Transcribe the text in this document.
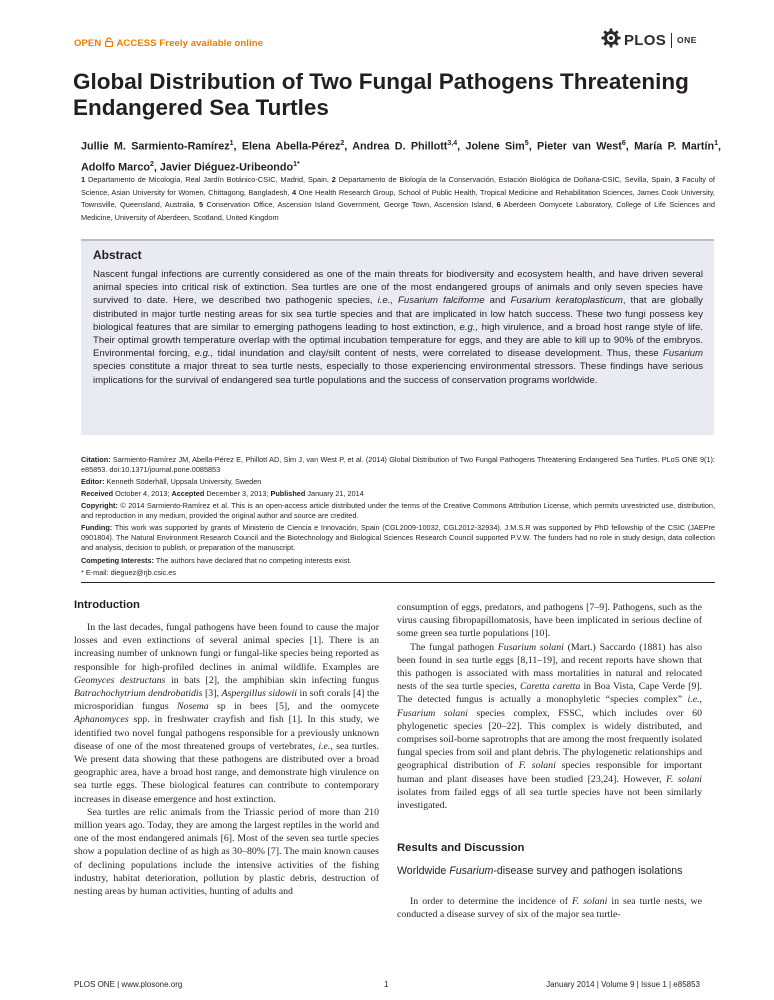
OPEN ACCESS Freely available online	PLOS ONE
Global Distribution of Two Fungal Pathogens Threatening Endangered Sea Turtles
Jullie M. Sarmiento-Ramírez$^1$, Elena Abella-Pérez$^2$, Andrea D. Phillott$^{3,4}$, Jolene Sim$^5$, Pieter van West$^6$, María P. Martín$^1$, Adolfo Marco$^2$, Javier Diéguez-Uribeondo$^{1*}$
1 Departamento de Micología, Real Jardín Botánico-CSIC, Madrid, Spain, 2 Departamento de Biología de la Conservación, Estación Biológica de Doñana-CSIC, Sevilla, Spain, 3 Faculty of Science, Asian University for Women, Chittagong, Bangladesh, 4 One Health Research Group, School of Public Health, Tropical Medicine and Rehabilitation Sciences, James Cook University, Townsville, Queensland, Australia, 5 Conservation Office, Ascension Island Government, George Town, Ascension Island, 6 Aberdeen Oomycete Laboratory, College of Life Sciences and Medicine, University of Aberdeen, Scotland, United Kingdom
Abstract
Nascent fungal infections are currently considered as one of the main threats for biodiversity and ecosystem health, and have driven several animal species into critical risk of extinction. Sea turtles are one of the most endangered groups of animals and only seven species have survived to date. Here, we described two pathogenic species, i.e., Fusarium falciforme and Fusarium keratoplasticum, that are globally distributed in major turtle nesting areas for six sea turtle species and that are implicated in low hatch success. These two fungi possess key biological features that are similar to emerging pathogens leading to host extinction, e.g., high virulence, and a broad host range style of life. Their optimal growth temperature overlap with the optimal incubation temperature for eggs, and they are able to kill up to 90% of the embryos. Environmental forcing, e.g., tidal inundation and clay/silt content of nests, were correlated to disease development. Thus, these Fusarium species constitute a major threat to sea turtle nests, especially to those experiencing environmental stressors. These findings have serious implications for the survival of endangered sea turtle populations and the success of conservation programs worldwide.
Citation: Sarmiento-Ramírez JM, Abella-Pérez E, Phillott AD, Sim J, van West P, et al. (2014) Global Distribution of Two Fungal Pathogens Threatening Endangered Sea Turtles. PLoS ONE 9(1): e85853. doi:10.1371/journal.pone.0085853
Editor: Kenneth Söderhäll, Uppsala University, Sweden
Received October 4, 2013; Accepted December 3, 2013; Published January 21, 2014
Copyright: © 2014 Sarmiento-Ramírez et al. This is an open-access article distributed under the terms of the Creative Commons Attribution License, which permits unrestricted use, distribution, and reproduction in any medium, provided the original author and source are credited.
Funding: This work was supported by grants of Ministerio de Ciencia e Innovación, Spain (CGL2009-10032, CGL2012-32934). J.M.S.R was supported by PhD fellowship of the CSIC (JAEPre 0901804). The Natural Environment Research Council and the Biotechnology and Biological Sciences Research Council supported P.V.W. The funders had no role in study design, data collection and analysis, decision to publish, or preparation of the manuscript.
Competing Interests: The authors have declared that no competing interests exist.
* E-mail: dieguez@rjb.csic.es
Introduction

In the last decades, fungal pathogens have been found to cause the major losses and even extinctions of several animal species [1]. There is an increasing number of unknown fungi or fungal-like species being reported as responsible for high-profiled declines in animal wildlife. Examples are Geomyces destructans in bats [2], the amphibian skin infecting fungus Batrachochytrium dendrobatidis [3], Aspergillus sidowii in soft corals [4] the microsporidian fungus Nosema sp in bees [5], and the oomycete Aphanomyces spp. in freshwater crayfish and fish [1]. In this study, we identified two novel fungal pathogens responsible for a previously unknown disease of one of the most threatened groups of vertebrates, i.e., sea turtles. We present data showing that these pathogens are distributed over a broad geographic area, have a broad host range, and demonstrate high virulence on sea turtle eggs. These biological features can contribute to contemporary increases in disease emergence and host extinction.

Sea turtles are relic animals from the Triassic period of more than 210 million years ago. Today, they are among the largest reptiles in the world and one of the most endangered animals [6]. Most of the seven sea turtle species show a population decline of as high as 30–80% [7]. The main known causes of declining populations include the intensive activities of the fishing industry, habitat deterioration, pollution by plastic debris, destruction of nesting areas by human activities, hunting of adults and

consumption of eggs, predators, and pathogens [7–9]. Pathogens, such as the virus causing fibropapillomatosis, have been implicated in serious decline of some green sea turtle populations [10].

The fungal pathogen Fusarium solani (Mart.) Saccardo (1881) has also been found in sea turtle eggs [8,11–19], and recent reports have shown that this pathogen is associated with mass mortalities in natural and relocated nests of the sea turtle species, Caretta caretta in Boa Vista, Cape Verde [9]. The detected fungus is actually a monophyletic “species complex” i.e., Fusarium solani species complex, FSSC, which includes over 60 phylogenetic species [20–22]. This complex is widely distributed, and comprises soil-borne saprotrophs that are among the most frequently isolated fungal species from soil and plant debris. The phylogenetic relationships and geographical distribution of F. solani species responsible for important human and plant diseases have been studied [23,24]. However, F. solani isolates from failed eggs of all sea turtle species have not been similarly investigated.

Results and Discussion
Worldwide Fusarium-disease survey and pathogen isolations

In order to determine the incidence of F. solani in sea turtle nests, we conducted a disease survey of six of the major sea turtle-

PLOS ONE | www.plosone.org	1	January 2014 | Volume 9 | Issue 1 | e85853
